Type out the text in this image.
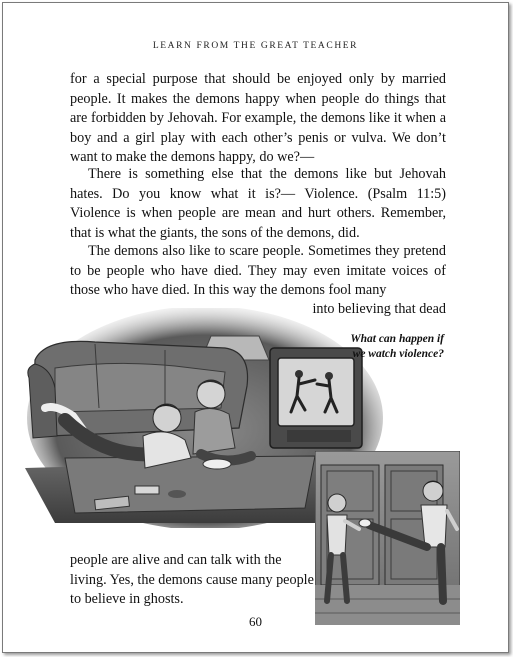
LEARN FROM THE GREAT TEACHER

for a special purpose that should be enjoyed only by married people. It makes the demons happy when people do things that are forbidden by Jehovah. For example, the demons like it when a boy and a girl play with each other’s penis or vulva. We don’t want to make the demons happy, do we?—

There is something else that the demons like but Jehovah hates. Do you know what it is?— Violence. (Psalm 11:5) Violence is when people are mean and hurt others. Remember, that is what the giants, the sons of the demons, did.

The demons also like to scare people. Sometimes they pretend to be people who have died. They may even imitate voices of those who have died. In this way the demons fool many

into believing that dead

What can happen if we watch violence?

people are alive and can talk with the living. Yes, the demons cause many people to believe in ghosts.

60
